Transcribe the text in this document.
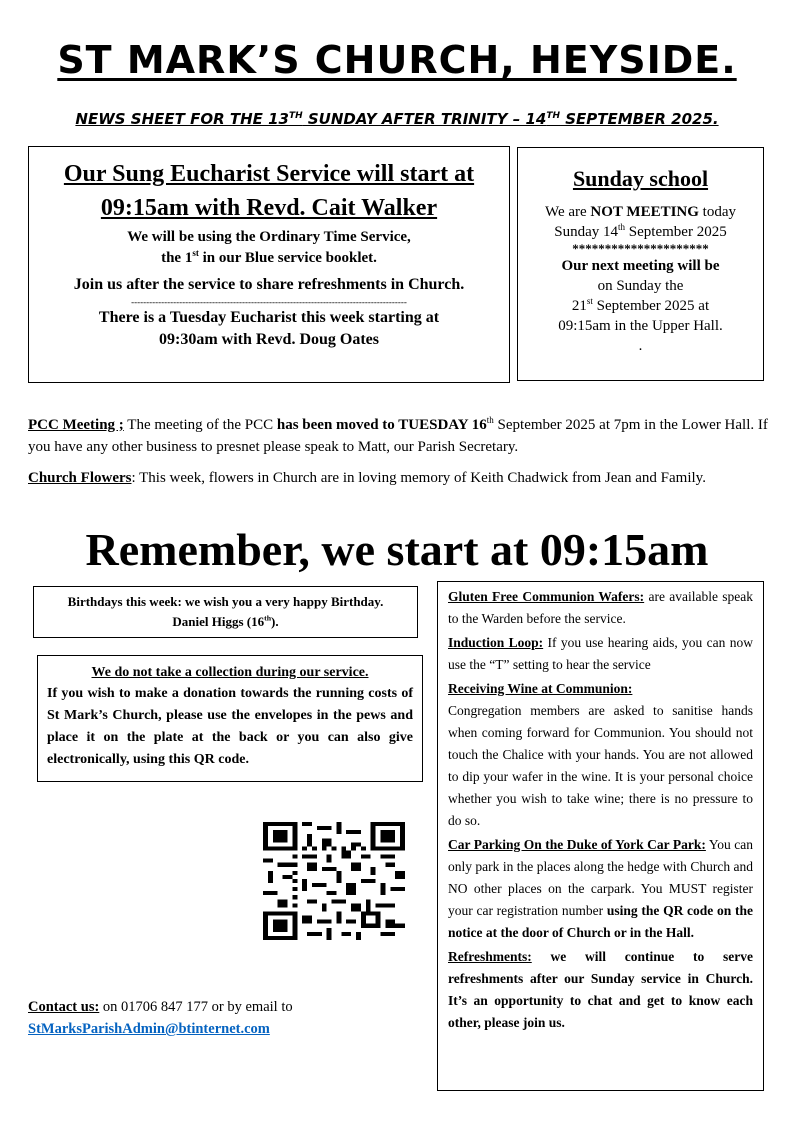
ST MARK’S CHURCH, HEYSIDE.
NEWS SHEET FOR THE 13TH SUNDAY AFTER TRINITY – 14TH SEPTEMBER 2025.
Our Sung Eucharist Service will start at
09:15am with Revd. Cait Walker
We will be using the Ordinary Time Service,
the 1st in our Blue service booklet.
Join us after the service to share refreshments in Church.
--------------------------------------------------------------------------------------------
There is a Tuesday Eucharist this week starting at
09:30am with Revd. Doug Oates
Sunday school
We are NOT MEETING today
Sunday 14th September 2025
*********************
Our next meeting will be
on Sunday the
21st September 2025 at
09:15am in the Upper Hall.
.
PCC Meeting ; The meeting of the PCC has been moved to TUESDAY 16th September 2025 at 7pm in the Lower Hall. If you have any other business to presnet please speak to Matt, our Parish Secretary.
Church Flowers: This week, flowers in Church are in loving memory of Keith Chadwick from Jean and Family.
Remember, we start at 09:15am
Birthdays this week: we wish you a very happy Birthday.
Daniel Higgs (16th).
We do not take a collection during our service.
If you wish to make a donation towards the running costs of St Mark’s Church, please use the envelopes in the pews and place it on the plate at the back or you can also give electronically, using this QR code.
Contact us: on 01706 847 177 or by email to
StMarksParishAdmin@btinternet.com
Gluten Free Communion Wafers: are available speak to the Warden before the service.
Induction Loop: If you use hearing aids, you can now use the “T” setting to hear the service
Receiving Wine at Communion:
Congregation members are asked to sanitise hands when coming forward for Communion. You should not touch the Chalice with your hands. You are not allowed to dip your wafer in the wine. It is your personal choice whether you wish to take wine; there is no pressure to do so.
Car Parking On the Duke of York Car Park: You can only park in the places along the hedge with Church and NO other places on the carpark. You MUST register your car registration number using the QR code on the notice at the door of Church or in the Hall.
Refreshments: we will continue to serve refreshments after our Sunday service in Church. It’s an opportunity to chat and get to know each other, please join us.
